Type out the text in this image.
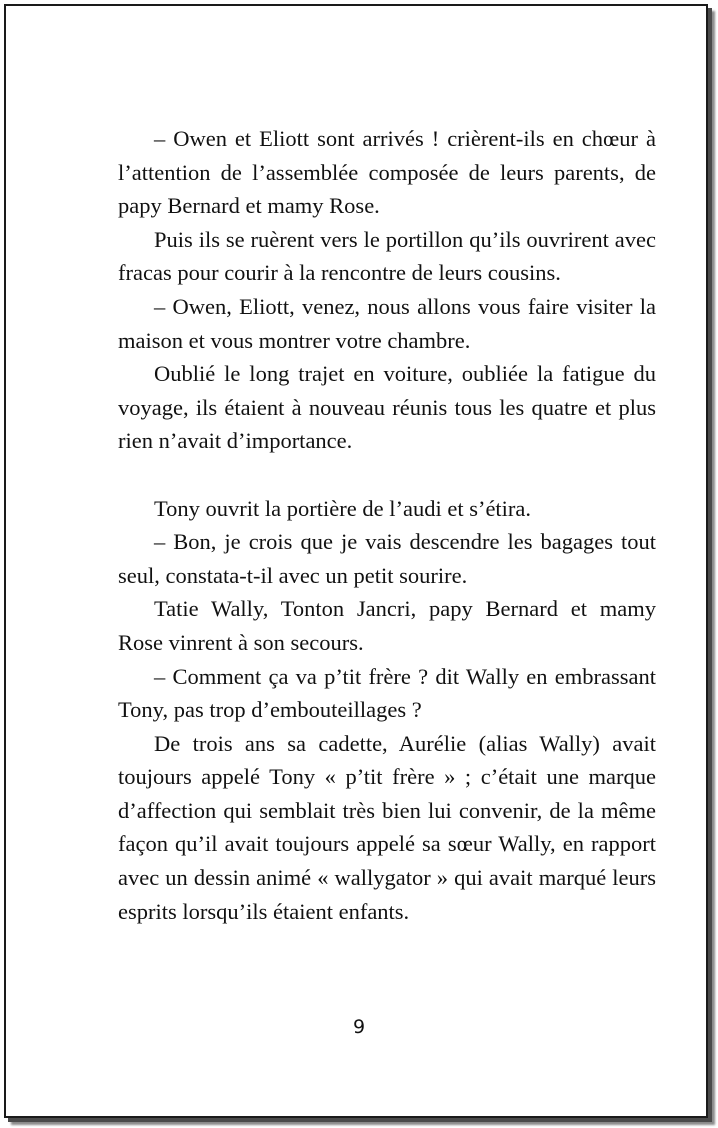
– Owen et Eliott sont arrivés ! crièrent-ils en chœur à l’attention de l’assemblée composée de leurs parents, de papy Bernard et mamy Rose.

Puis ils se ruèrent vers le portillon qu’ils ouvrirent avec fracas pour courir à la rencontre de leurs cousins.

– Owen, Eliott, venez, nous allons vous faire visiter la maison et vous montrer votre chambre.

Oublié le long trajet en voiture, oubliée la fatigue du voyage, ils étaient à nouveau réunis tous les quatre et plus rien n’avait d’importance.

Tony ouvrit la portière de l’audi et s’étira.

– Bon, je crois que je vais descendre les bagages tout seul, constata-t-il avec un petit sourire.

Tatie Wally, Tonton Jancri, papy Bernard et mamy Rose vinrent à son secours.

– Comment ça va p’tit frère ? dit Wally en embrassant Tony, pas trop d’embouteillages ?

De trois ans sa cadette, Aurélie (alias Wally) avait toujours appelé Tony « p’tit frère » ; c’était une marque d’affection qui semblait très bien lui convenir, de la même façon qu’il avait toujours appelé sa sœur Wally, en rapport avec un dessin animé « wallygator » qui avait marqué leurs esprits lorsqu’ils étaient enfants.

9
